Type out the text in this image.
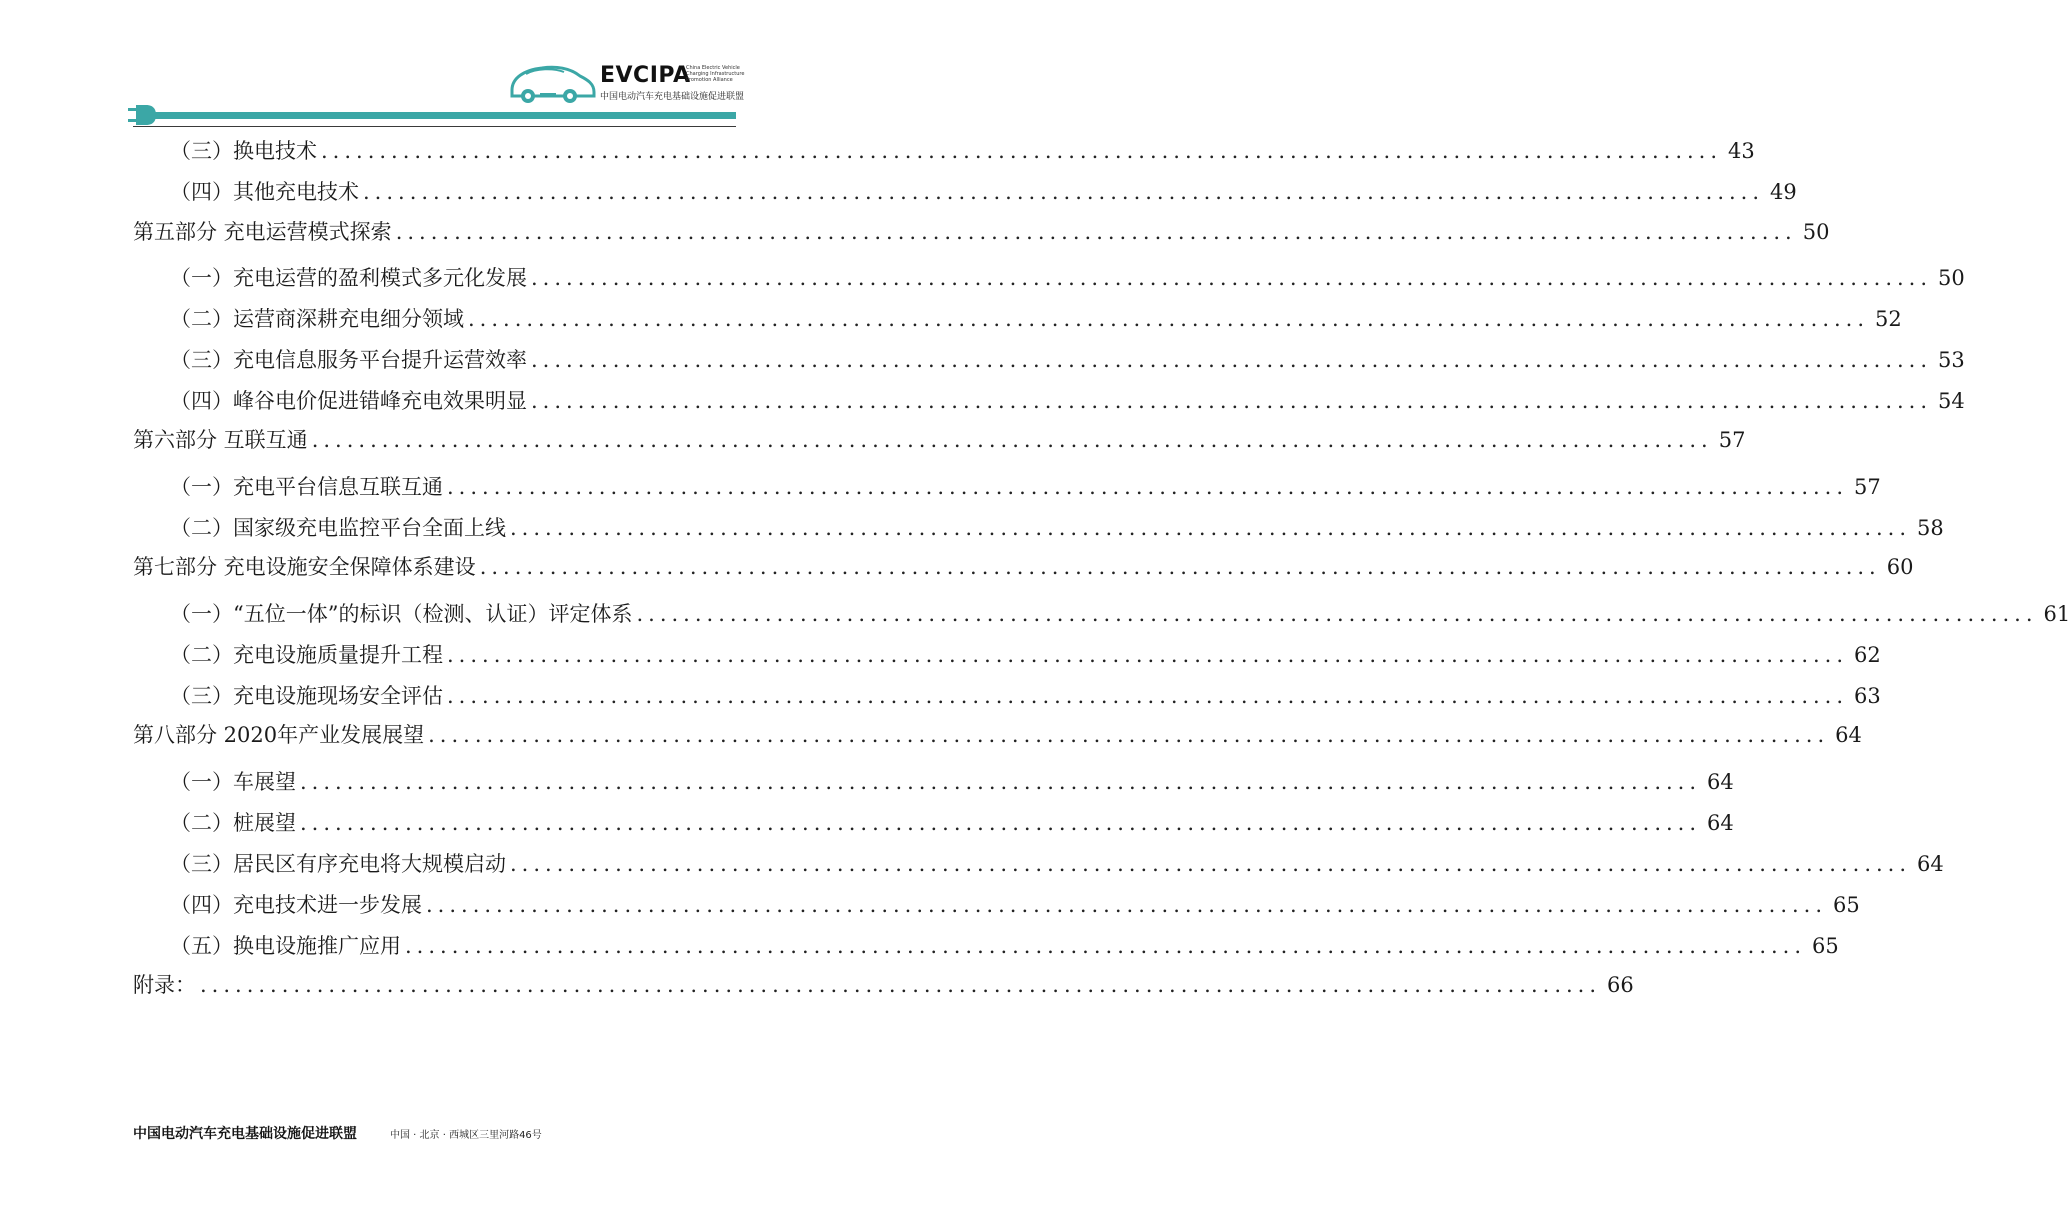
EVCIPA
China Electric Vehicle Charging Infrastructure Promotion Alliance
中国电动汽车充电基础设施促进联盟
（三）换电技术 ........................................................................................................................ 43
（四）其他充电技术 ........................................................................................................................ 49
第五部分 充电运营模式探索 ........................................................................................................................ 50
（一）充电运营的盈利模式多元化发展 ........................................................................................................................ 50
（二）运营商深耕充电细分领域 ........................................................................................................................ 52
（三）充电信息服务平台提升运营效率 ........................................................................................................................ 53
（四）峰谷电价促进错峰充电效果明显 ........................................................................................................................ 54
第六部分 互联互通 ........................................................................................................................ 57
（一）充电平台信息互联互通 ........................................................................................................................ 57
（二）国家级充电监控平台全面上线 ........................................................................................................................ 58
第七部分 充电设施安全保障体系建设 ........................................................................................................................ 60
（一）“五位一体”的标识（检测、认证）评定体系 ........................................................................................................................ 61
（二）充电设施质量提升工程 ........................................................................................................................ 62
（三）充电设施现场安全评估 ........................................................................................................................ 63
第八部分 2020年产业发展展望 ........................................................................................................................ 64
（一）车展望 ........................................................................................................................ 64
（二）桩展望 ........................................................................................................................ 64
（三）居民区有序充电将大规模启动 ........................................................................................................................ 64
（四）充电技术进一步发展 ........................................................................................................................ 65
（五）换电设施推广应用 ........................................................................................................................ 65
附录： ........................................................................................................................ 66
中国电动汽车充电基础设施促进联盟	中国 · 北京 · 西城区三里河路46号
